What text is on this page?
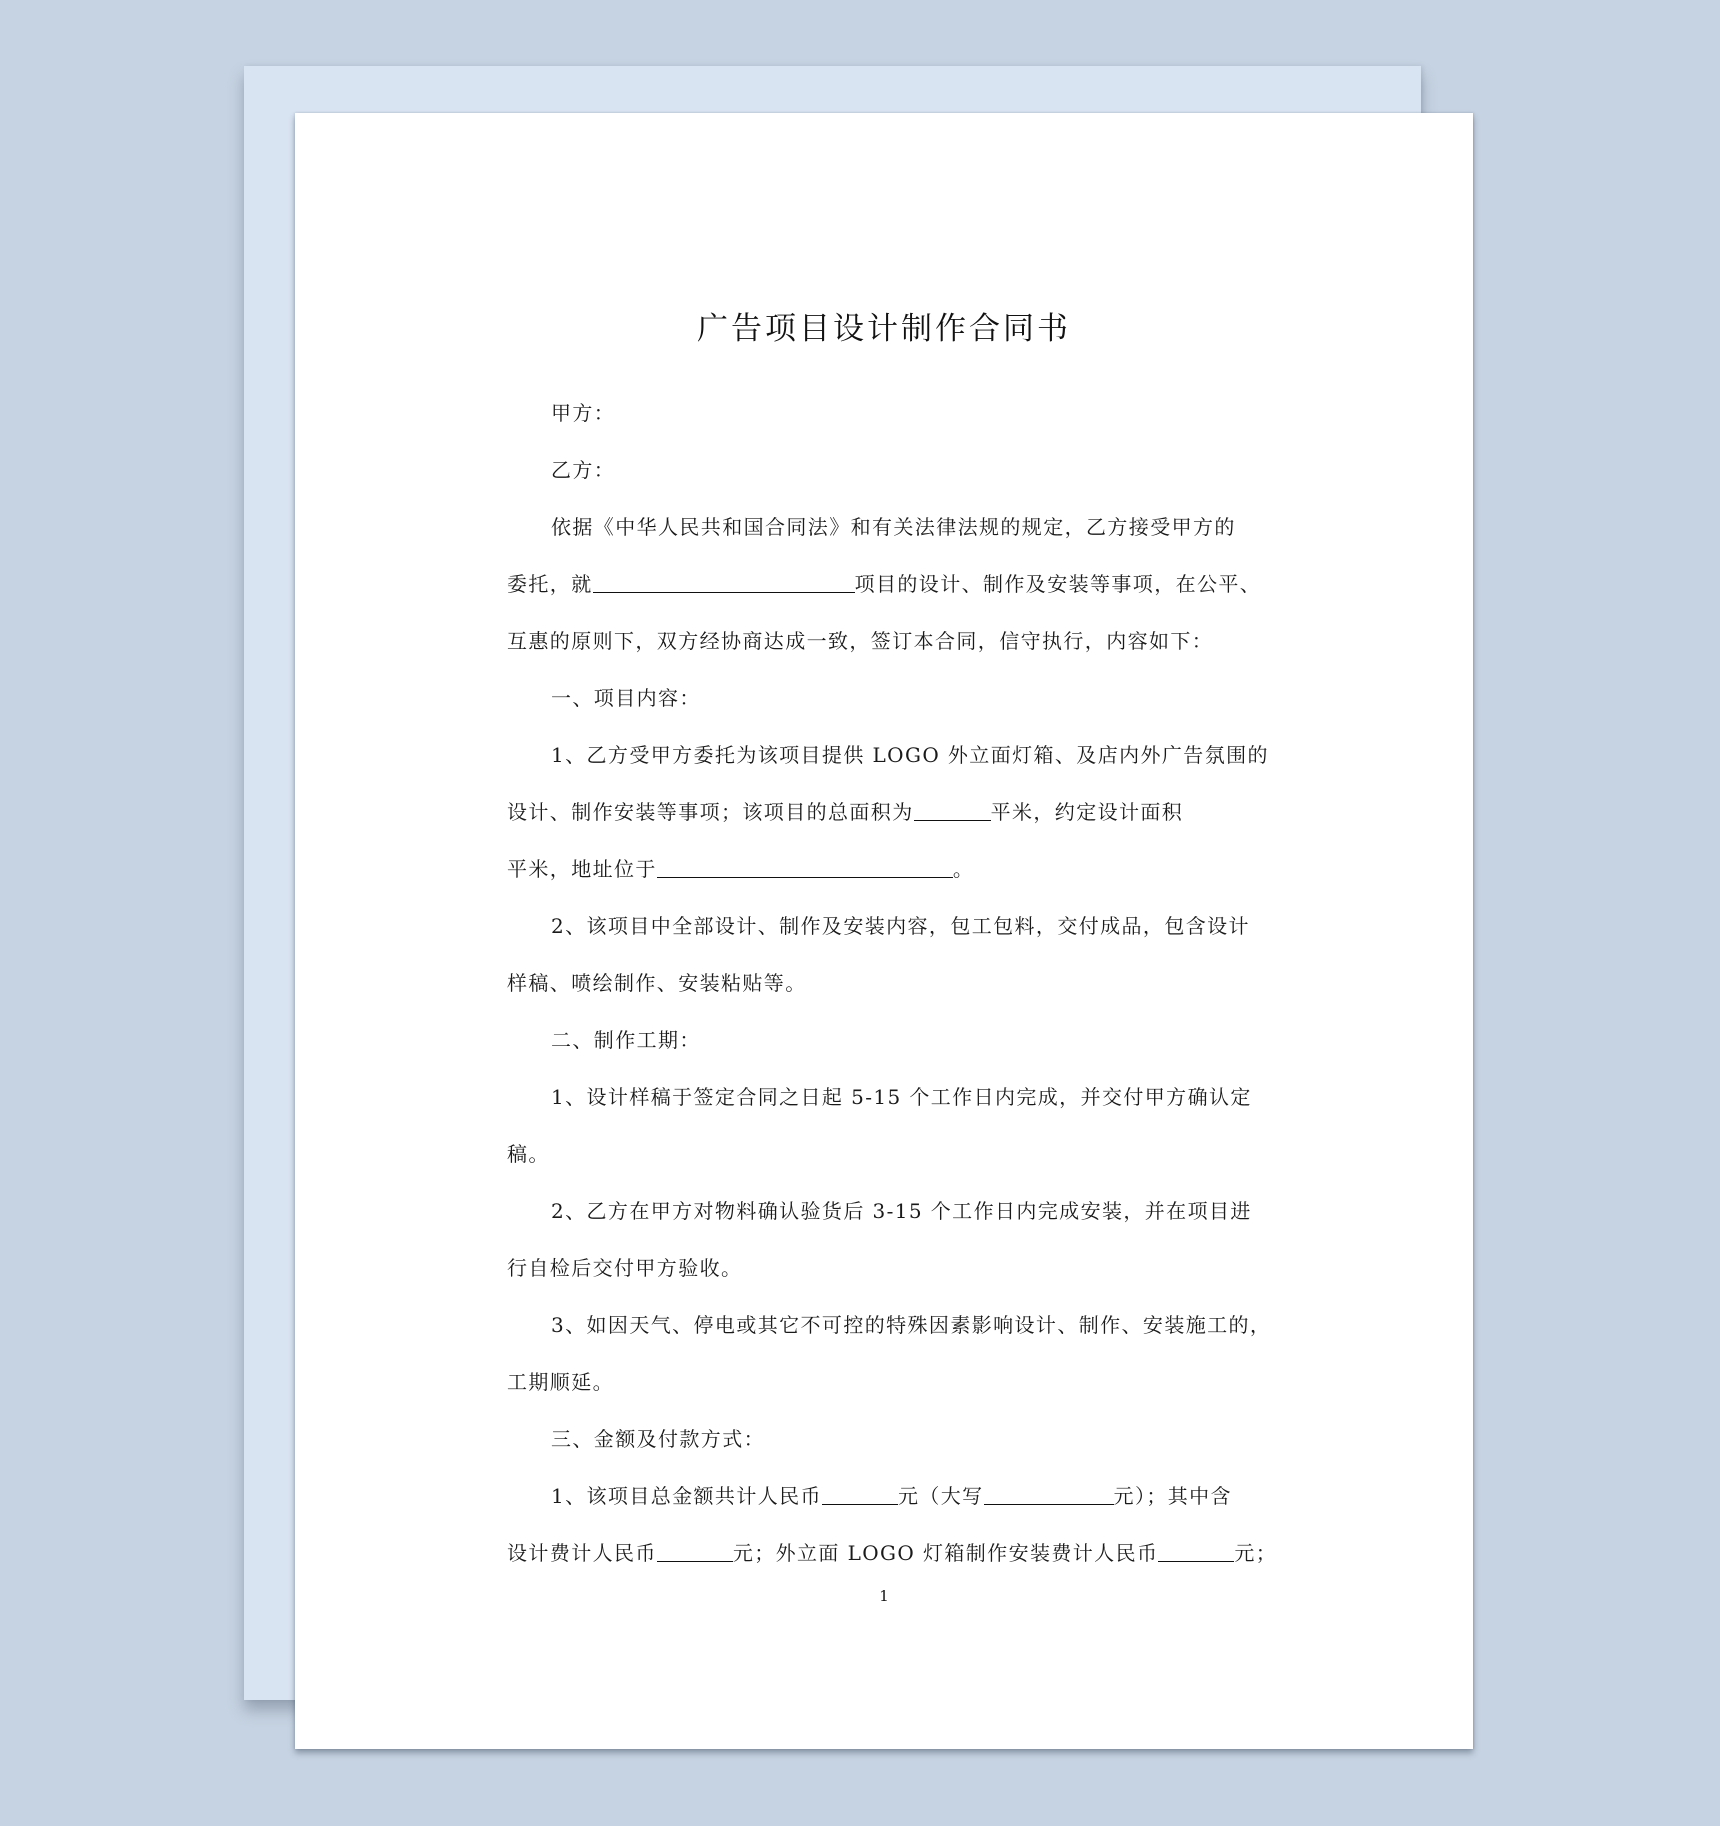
广告项目设计制作合同书
甲方：
乙方：
依据《中华人民共和国合同法》和有关法律法规的规定，乙方接受甲方的
委托，就	项目的设计、制作及安装等事项，在公平、
互惠的原则下，双方经协商达成一致，签订本合同，信守执行，内容如下：
一、项目内容：
1、乙方受甲方委托为该项目提供 LOGO 外立面灯箱、及店内外广告氛围的
设计、制作安装等事项；该项目的总面积为	平米，约定设计面积
平米，地址位于	。
2、该项目中全部设计、制作及安装内容，包工包料，交付成品，包含设计
样稿、喷绘制作、安装粘贴等。
二、制作工期：
1、设计样稿于签定合同之日起 5-15 个工作日内完成，并交付甲方确认定
稿。
2、乙方在甲方对物料确认验货后 3-15 个工作日内完成安装，并在项目进
行自检后交付甲方验收。
3、如因天气、停电或其它不可控的特殊因素影响设计、制作、安装施工的，
工期顺延。
三、金额及付款方式：
1、该项目总金额共计人民币	元（大写	元）；其中含
设计费计人民币	元；外立面 LOGO 灯箱制作安装费计人民币	元；
1
